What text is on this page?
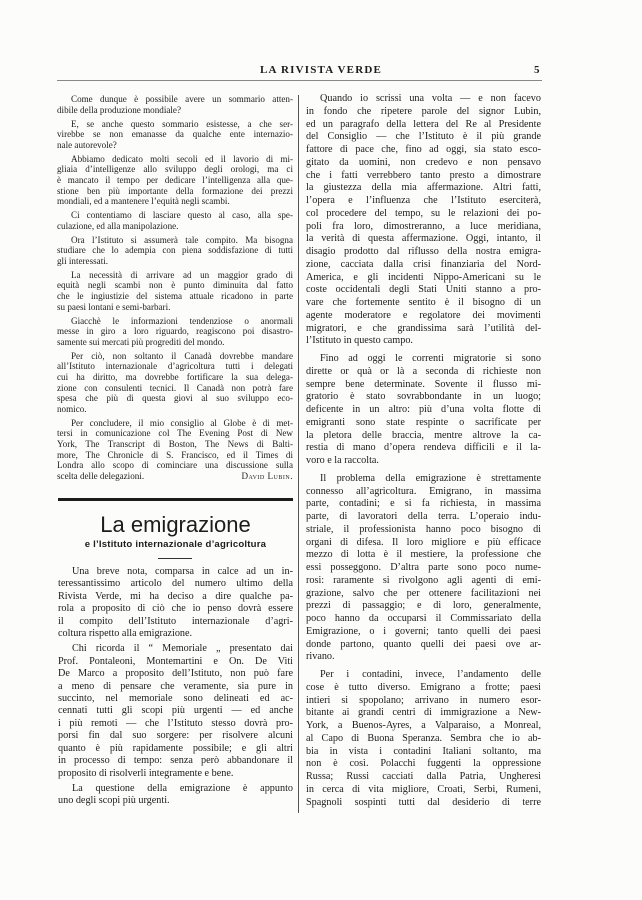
LA RIVISTA VERDE	5
Come dunque è possibile avere un sommario atten-
dibile della produzione mondiale?
E, se anche questo sommario esistesse, a che ser-
virebbe se non emanasse da qualche ente internazio-
nale autorevole?
Abbiamo dedicato molti secoli ed il lavorio di mi-
gliaia d’intelligenze allo sviluppo degli orologi, ma ci
è mancato il tempo per dedicare l’intelligenza alla que-
stione ben più importante della formazione dei prezzi
mondiali, ed a mantenere l’equità negli scambi.
Ci contentiamo di lasciare questo al caso, alla spe-
culazione, ed alla manipolazione.
Ora l’Istituto si assumerà tale compito. Ma bisogna
studiare che lo adempia con piena soddisfazione di tutti
gli interessati.
La necessità di arrivare ad un maggior grado di
equità negli scambi non è punto diminuita dal fatto
che le ingiustizie del sistema attuale ricadono in parte
su paesi lontani e semi-barbari.
Giacchè le informazioni tendenziose o anormali
messe in giro a loro riguardo, reagiscono poi disastro-
samente sui mercati più progrediti del mondo.
Per ciò, non soltanto il Canadà dovrebbe mandare
all’Istituto internazionale d’agricoltura tutti i delegati
cui ha diritto, ma dovrebbe fortificare la sua delega-
zione con consulenti tecnici. Il Canadà non potrà fare
spesa che più di questa giovi al suo sviluppo eco-
nomico.
Per concludere, il mio consiglio al Globe è di met-
tersi in comunicazione col The Evening Post di New
York, The Transcript di Boston, The News di Balti-
more, The Chronicle di S. Francisco, ed il Times di
Londra allo scopo di cominciare una discussione sulla
scelta delle delegazioni.	David Lubin.
La emigrazione
e l’Istituto internazionale d’agricoltura
Una breve nota, comparsa in calce ad un in-
teressantissimo articolo del numero ultimo della
Rivista Verde, mi ha deciso a dire qualche pa-
rola a proposito di ciò che io penso dovrà essere
il compito dell’Istituto internazionale d’agri-
coltura rispetto alla emigrazione.
Chi ricorda il “ Memoriale „ presentato dai
Prof. Pontaleoni, Montemartini e On. De Viti
De Marco a proposito dell’Istituto, non può fare
a meno di pensare che veramente, sia pure in
succinto, nel memoriale sono delineati ed ac-
cennati tutti gli scopi più urgenti — ed anche
i più remoti — che l’Istituto stesso dovrà pro-
porsi fin dal suo sorgere: per risolvere alcuni
quanto è più rapidamente possibile; e gli altri
in processo di tempo: senza però abbandonare il
proposito di risolverli integramente e bene.
La questione della emigrazione è appunto
uno degli scopi più urgenti.
Quando io scrissi una volta — e non facevo
in fondo che ripetere parole del signor Lubin,
ed un paragrafo della lettera del Re al Presidente
del Consiglio — che l’Istituto è il più grande
fattore di pace che, fino ad oggi, sia stato esco-
gitato da uomini, non credevo e non pensavo
che i fatti verrebbero tanto presto a dimostrare
la giustezza della mia affermazione. Altri fatti,
l’opera e l’influenza che l’Istituto eserciterà,
col procedere del tempo, su le relazioni dei po-
poli fra loro, dimostreranno, a luce meridiana,
la verità di questa affermazione. Oggi, intanto, il
disagio prodotto dal riflusso della nostra emigra-
zione, cacciata dalla crisi finanziaria del Nord-
America, e gli incidenti Nippo-Americani su le
coste occidentali degli Stati Uniti stanno a pro-
vare che fortemente sentito è il bisogno di un
agente moderatore e regolatore dei movimenti
migratori, e che grandissima sarà l’utilità del-
l’Istituto in questo campo.
Fino ad oggi le correnti migratorie si sono
dirette or quà or là a seconda di richieste non
sempre bene determinate. Sovente il flusso mi-
gratorio è stato sovrabbondante in un luogo;
deficente in un altro: più d’una volta flotte di
emigranti sono state respinte o sacrificate per
la pletora delle braccia, mentre altrove la ca-
restia di mano d’opera rendeva difficili e il la-
voro e la raccolta.
Il problema della emigrazione è strettamente
connesso all’agricoltura. Emigrano, in massima
parte, contadini; e si fa richiesta, in massima
parte, di lavoratori della terra. L’operaio indu-
striale, il professionista hanno poco bisogno di
organi di difesa. Il loro migliore e più efficace
mezzo di lotta è il mestiere, la professione che
essi posseggono. D’altra parte sono poco nume-
rosi: raramente si rivolgono agli agenti di emi-
grazione, salvo che per ottenere facilitazioni nei
prezzi di passaggio; e di loro, generalmente,
poco hanno da occuparsi il Commissariato della
Emigrazione, o i governi; tanto quelli dei paesi
donde partono, quanto quelli dei paesi ove ar-
rivano.
Per i contadini, invece, l’andamento delle
cose è tutto diverso. Emigrano a frotte; paesi
intieri si spopolano; arrivano in numero esor-
bitante ai grandi centri di immigrazione a New-
York, a Buenos-Ayres, a Valparaiso, a Monreal,
al Capo di Buona Speranza. Sembra che io ab-
bia in vista i contadini Italiani soltanto, ma
non è così. Polacchi fuggenti la oppressione
Russa; Russi cacciati dalla Patria, Ungheresi
in cerca di vita migliore, Croati, Serbi, Rumeni,
Spagnoli sospinti tutti dal desiderio di terre
